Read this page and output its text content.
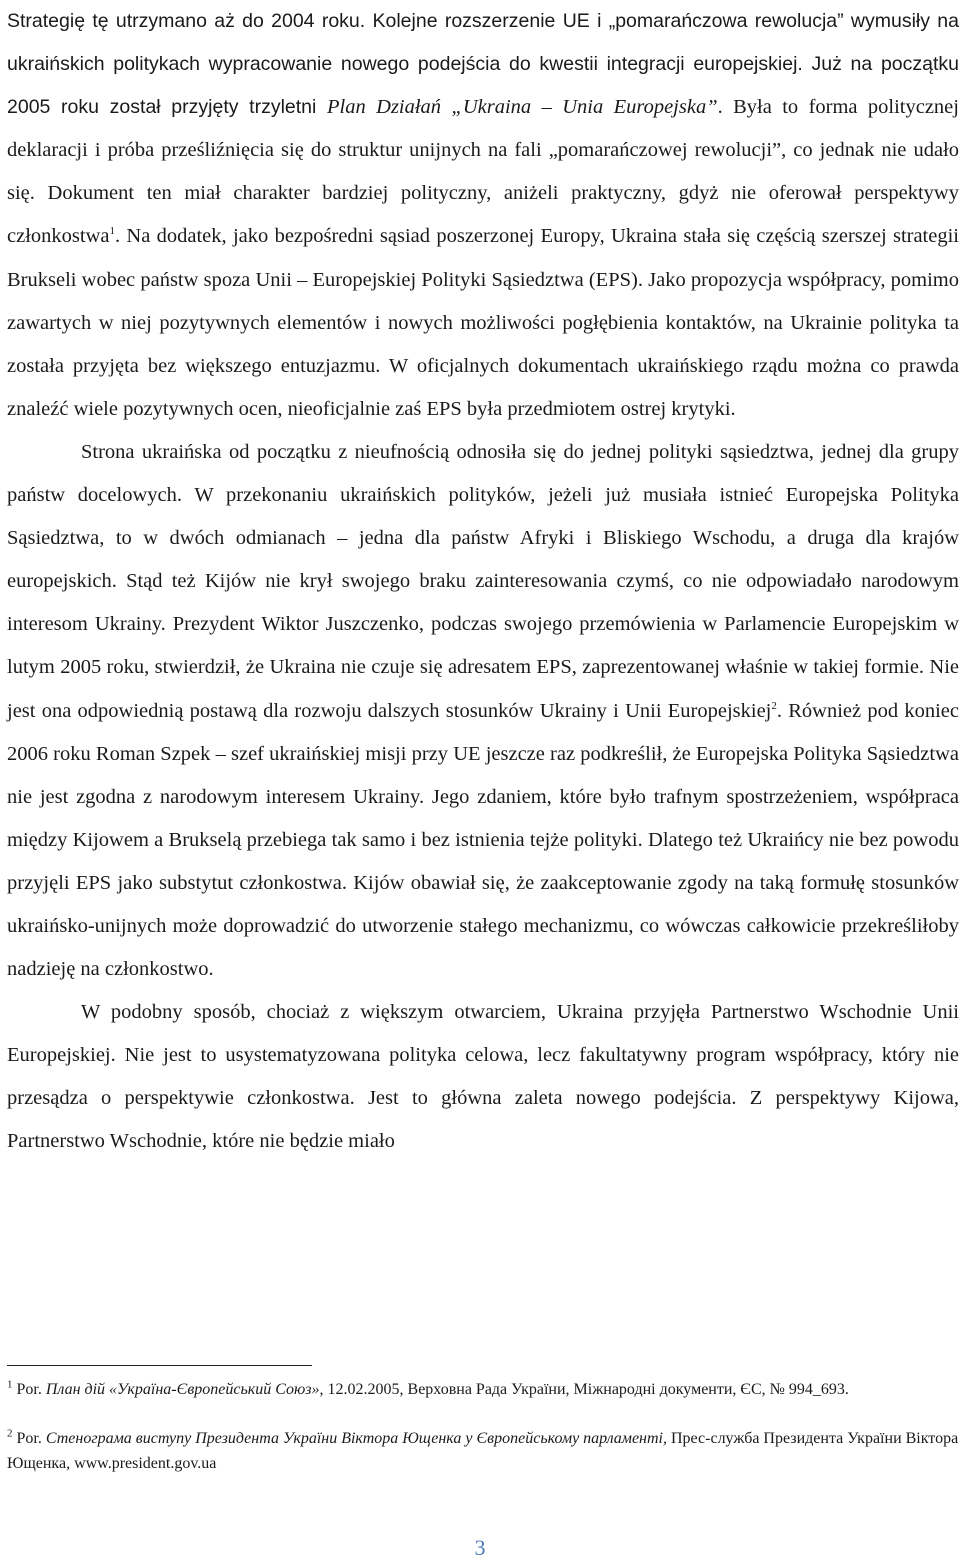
Strategię tę utrzymano aż do 2004 roku. Kolejne rozszerzenie UE i „pomarańczowa rewolucja” wymusiły na ukraińskich politykach wypracowanie nowego podejścia do kwestii integracji europejskiej. Już na początku 2005 roku został przyjęty trzyletni Plan Działań „Ukraina – Unia Europejska”. Była to forma politycznej deklaracji i próba prześliźnięcia się do struktur unijnych na fali „pomarańczowej rewolucji”, co jednak nie udało się. Dokument ten miał charakter bardziej polityczny, aniżeli praktyczny, gdyż nie oferował perspektywy członkostwa$^1$. Na dodatek, jako bezpośredni sąsiad poszerzonej Europy, Ukraina stała się częścią szerszej strategii Brukseli wobec państw spoza Unii – Europejskiej Polityki Sąsiedztwa (EPS). Jako propozycja współpracy, pomimo zawartych w niej pozytywnych elementów i nowych możliwości pogłębienia kontaktów, na Ukrainie polityka ta została przyjęta bez większego entuzjazmu. W oficjalnych dokumentach ukraińskiego rządu można co prawda znaleźć wiele pozytywnych ocen, nieoficjalnie zaś EPS była przedmiotem ostrej krytyki.

Strona ukraińska od początku z nieufnością odnosiła się do jednej polityki sąsiedztwa, jednej dla grupy państw docelowych. W przekonaniu ukraińskich polityków, jeżeli już musiała istnieć Europejska Polityka Sąsiedztwa, to w dwóch odmianach – jedna dla państw Afryki i Bliskiego Wschodu, a druga dla krajów europejskich. Stąd też Kijów nie krył swojego braku zainteresowania czymś, co nie odpowiadało narodowym interesom Ukrainy. Prezydent Wiktor Juszczenko, podczas swojego przemówienia w Parlamencie Europejskim w lutym 2005 roku, stwierdził, że Ukraina nie czuje się adresatem EPS, zaprezentowanej właśnie w takiej formie. Nie jest ona odpowiednią postawą dla rozwoju dalszych stosunków Ukrainy i Unii Europejskiej$^2$. Również pod koniec 2006 roku Roman Szpek – szef ukraińskiej misji przy UE jeszcze raz podkreślił, że Europejska Polityka Sąsiedztwa nie jest zgodna z narodowym interesem Ukrainy. Jego zdaniem, które było trafnym spostrzeżeniem, współpraca między Kijowem a Brukselą przebiega tak samo i bez istnienia tejże polityki. Dlatego też Ukraińcy nie bez powodu przyjęli EPS jako substytut członkostwa. Kijów obawiał się, że zaakceptowanie zgody na taką formułę stosunków ukraińsko-unijnych może doprowadzić do utworzenie stałego mechanizmu, co wówczas całkowicie przekreśliłoby nadzieję na członkostwo.

W podobny sposób, chociaż z większym otwarciem, Ukraina przyjęła Partnerstwo Wschodnie Unii Europejskiej. Nie jest to usystematyzowana polityka celowa, lecz fakultatywny program współpracy, który nie przesądza o perspektywie członkostwa. Jest to główna zaleta nowego podejścia. Z perspektywy Kijowa, Partnerstwo Wschodnie, które nie będzie miało

$^1$ Por. План дій «Україна-Європейський Союз», 12.02.2005, Верховна Рада України, Міжнародні документи, ЄС, № 994_693.

$^2$ Por. Стенограма виступу Президента України Віктора Ющенка у Європейському парламенті, Прес-служба Президента України Віктора Ющенка, www.president.gov.ua

3
